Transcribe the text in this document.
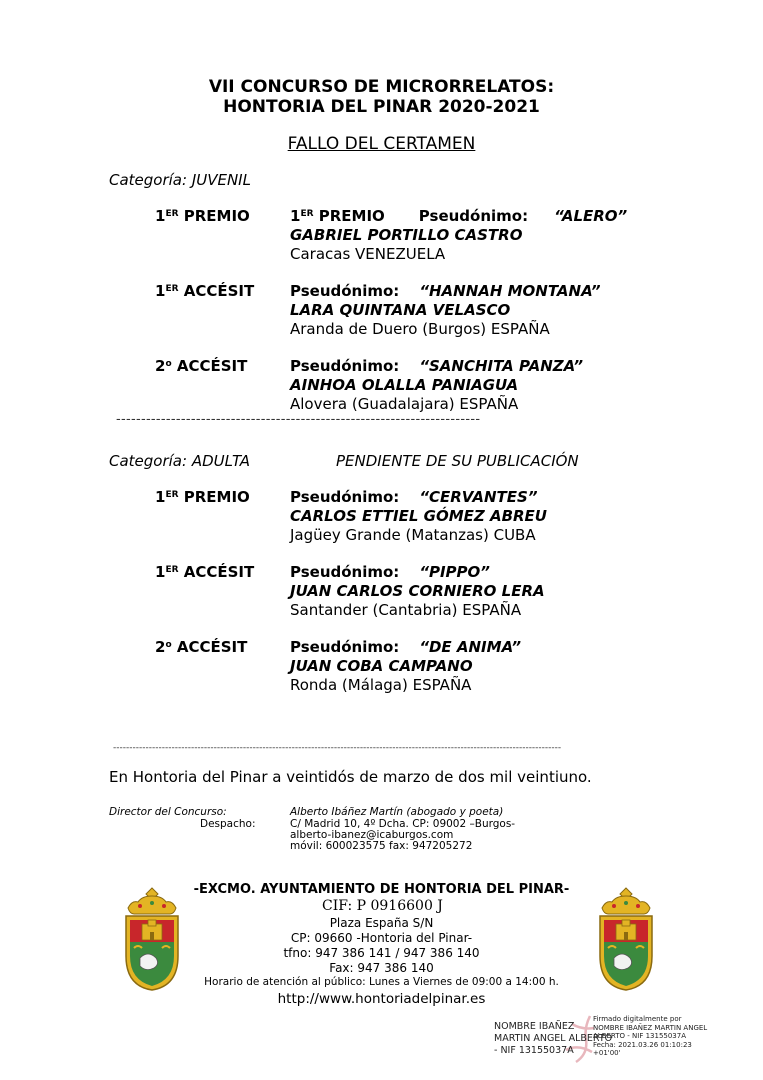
VII CONCURSO DE MICRORRELATOS:
HONTORIA DEL PINAR 2020-2021
FALLO DEL CERTAMEN
Categoría: JUVENIL
1ER PREMIO	1ER PREMIO Pseudónimo: “ALERO”
GABRIEL PORTILLO CASTRO
Caracas VENEZUELA
1ER ACCÉSIT Pseudónimo: “HANNAH MONTANA”
LARA QUINTANA VELASCO
Aranda de Duero (Burgos) ESPAÑA
2$^o$ ACCÉSIT	Pseudónimo: “SANCHITA PANZA”
AINHOA OLALLA PANIAGUA
Alovera (Guadalajara) ESPAÑA
-------------------------------------------------------------------------
Categoría: ADULTA	PENDIENTE DE SU PUBLICACIÓN
1ER PREMIO	Pseudónimo: “CERVANTES”
CARLOS ETTIEL GÓMEZ ABREU
Jagüey Grande (Matanzas) CUBA
1ER ACCÉSIT Pseudónimo: “PIPPO”
JUAN CARLOS CORNIERO LERA
Santander (Cantabria) ESPAÑA
2$^o$ ACCÉSIT	Pseudónimo: “DE ANIMA”
JUAN COBA CAMPANO
Ronda (Málaga) ESPAÑA
------------------------------------------------------------------------------------------------------------------------------------------
En Hontoria del Pinar a veintidós de marzo de dos mil veintiuno.
Director del Concurso:	Alberto Ibáñez Martín (abogado y poeta)
Despacho:	C/ Madrid 10, 4º Dcha. CP: 09002 –Burgos-
alberto-ibanez@icaburgos.com
móvil: 600023575 fax: 947205272
-EXCMO. AYUNTAMIENTO DE HONTORIA DEL PINAR-
CIF: P 0916600 J
Plaza España S/N
CP: 09660 -Hontoria del Pinar-
tfno: 947 386 141 / 947 386 140
Fax: 947 386 140
Horario de atención al público: Lunes a Viernes de 09:00 a 14:00 h.
http://www.hontoriadelpinar.es
NOMBRE IBAÑEZ
MARTIN ANGEL ALBERTO
- NIF 13155037A
Firmado digitalmente por
NOMBRE IBAÑEZ MARTIN ANGEL
ALBERTO - NIF 13155037A
Fecha: 2021.03.26 01:10:23
+01'00'
